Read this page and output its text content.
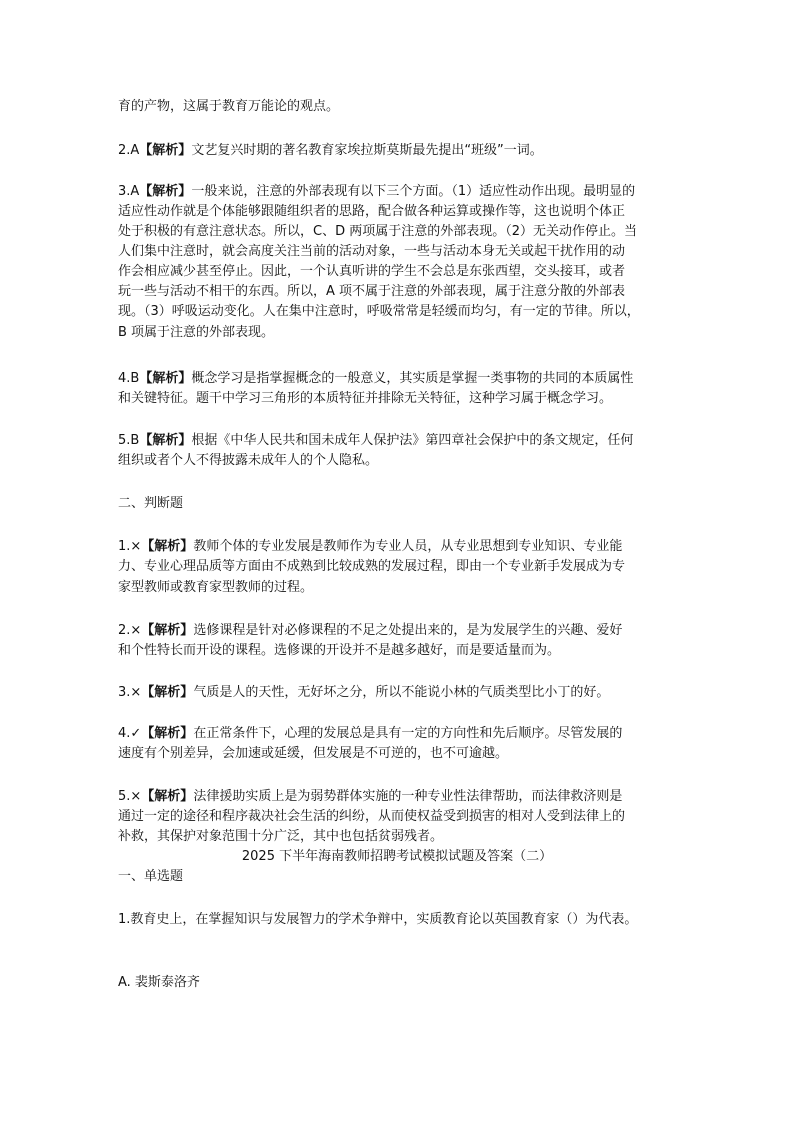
育的产物，这属于教育万能论的观点。
2.A【解析】文艺复兴时期的著名教育家埃拉斯莫斯最先提出“班级”一词。
3.A【解析】一般来说，注意的外部表现有以下三个方面。（1）适应性动作出现。最明显的
适应性动作就是个体能够跟随组织者的思路，配合做各种运算或操作等，这也说明个体正
处于积极的有意注意状态。所以，C、D 两项属于注意的外部表现。（2）无关动作停止。当
人们集中注意时，就会高度关注当前的活动对象，一些与活动本身无关或起干扰作用的动
作会相应减少甚至停止。因此，一个认真听讲的学生不会总是东张西望，交头接耳，或者
玩一些与活动不相干的东西。所以，A 项不属于注意的外部表现，属于注意分散的外部表
现。（3）呼吸运动变化。人在集中注意时，呼吸常常是轻缓而均匀，有一定的节律。所以，
B 项属于注意的外部表现。
4.B【解析】概念学习是指掌握概念的一般意义，其实质是掌握一类事物的共同的本质属性
和关键特征。题干中学习三角形的本质特征并排除无关特征，这种学习属于概念学习。
5.B【解析】根据《中华人民共和国未成年人保护法》第四章社会保护中的条文规定，任何
组织或者个人不得披露未成年人的个人隐私。
二、判断题
1.×【解析】教师个体的专业发展是教师作为专业人员，从专业思想到专业知识、专业能
力、专业心理品质等方面由不成熟到比较成熟的发展过程，即由一个专业新手发展成为专
家型教师或教育家型教师的过程。
2.×【解析】选修课程是针对必修课程的不足之处提出来的，是为发展学生的兴趣、爱好
和个性特长而开设的课程。选修课的开设并不是越多越好，而是要适量而为。
3.×【解析】气质是人的天性，无好坏之分，所以不能说小林的气质类型比小丁的好。
4.✓【解析】在正常条件下，心理的发展总是具有一定的方向性和先后顺序。尽管发展的
速度有个别差异，会加速或延缓，但发展是不可逆的，也不可逾越。
5.×【解析】法律援助实质上是为弱势群体实施的一种专业性法律帮助，而法律救济则是
通过一定的途径和程序裁决社会生活的纠纷，从而使权益受到损害的相对人受到法律上的
补救，其保护对象范围十分广泛，其中也包括贫弱残者。
2025 下半年海南教师招聘考试模拟试题及答案（二）
一、单选题
1.教育史上，在掌握知识与发展智力的学术争辩中，实质教育论以英国教育家（）为代表。
A. 裴斯泰洛齐
